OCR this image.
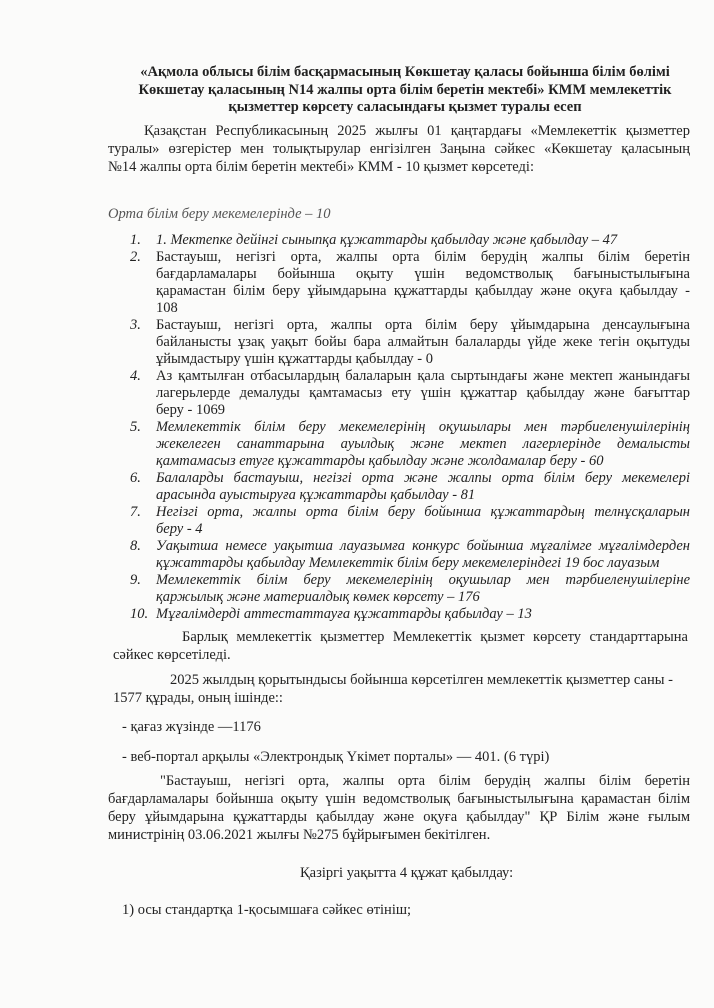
«Ақмола облысы білім басқармасының Көкшетау қаласы бойынша білім бөлімі
Көкшетау қаласының N14 жалпы орта білім беретін мектебі» КММ мемлекеттік
қызметтер көрсету саласындағы қызмет туралы есеп
Қазақстан Республикасының 2025 жылғы 01 қаңтардағы «Мемлекеттік қызметтер
туралы» өзгерістер мен толықтырулар енгізілген Заңына сәйкес «Көкшетау қаласының
№14 жалпы орта білім беретін мектебі» КММ - 10 қызмет көрсетеді:
Орта білім беру мекемелерінде – 10
1. 1. Мектепке дейінгі сыныпқа құжаттарды қабылдау және қабылдау – 47
2. Бастауыш, негізгі орта, жалпы орта білім берудің жалпы білім беретін
бағдарламалары бойынша оқыту үшін ведомстволық бағыныстылығына
қарамастан білім беру ұйымдарына құжаттарды қабылдау және оқуға қабылдау -
108
3. Бастауыш, негізгі орта, жалпы орта білім беру ұйымдарына денсаулығына
байланысты ұзақ уақыт бойы бара алмайтын балаларды үйде жеке тегін оқытуды
ұйымдастыру үшін құжаттарды қабылдау - 0
4. Аз қамтылған отбасылардың балаларын қала сыртындағы және мектеп жанындағы
лагерьлерде демалуды қамтамасыз ету үшін құжаттар қабылдау және бағыттар
беру - 1069
5. Мемлекеттік білім беру мекемелерінің оқушылары мен тәрбиеленушілерінің
жекелеген санаттарына ауылдық және мектеп лагерлерінде демалысты
қамтамасыз етуге құжаттарды қабылдау және жолдамалар беру - 60
6. Балаларды бастауыш, негізгі орта және жалпы орта білім беру мекемелері
арасында ауыстыруға құжаттарды қабылдау - 81
7. Негізгі орта, жалпы орта білім беру бойынша құжаттардың телнұсқаларын
беру - 4
8. Уақытша немесе уақытша лауазымға конкурс бойынша мұғалімге мұғалімдерден
құжаттарды қабылдау Мемлекеттік білім беру мекемелеріндегі 19 бос лауазым
9. Мемлекеттік білім беру мекемелерінің оқушылар мен тәрбиеленушілеріне
қаржылық және материалдық көмек көрсету – 176
10. Мұғалімдерді аттестаттауға құжаттарды қабылдау – 13
Барлық мемлекеттік қызметтер Мемлекеттік қызмет көрсету стандарттарына
сәйкес көрсетіледі.
2025 жылдың қорытындысы бойынша көрсетілген мемлекеттік қызметтер саны -
1577 құрады, оның ішінде::
- қағаз жүзінде —1176
- веб-портал арқылы «Электрондық Үкімет порталы» — 401. (6 түрі)
"Бастауыш, негізгі орта, жалпы орта білім берудің жалпы білім беретін
бағдарламалары бойынша оқыту үшін ведомстволық бағыныстылығына қарамастан білім
беру ұйымдарына құжаттарды қабылдау және оқуға қабылдау" ҚР Білім және ғылым
министрінің 03.06.2021 жылғы №275 бұйрығымен бекітілген.
Қазіргі уақытта 4 құжат қабылдау:
1) осы стандартқа 1-қосымшаға сәйкес өтініш;
